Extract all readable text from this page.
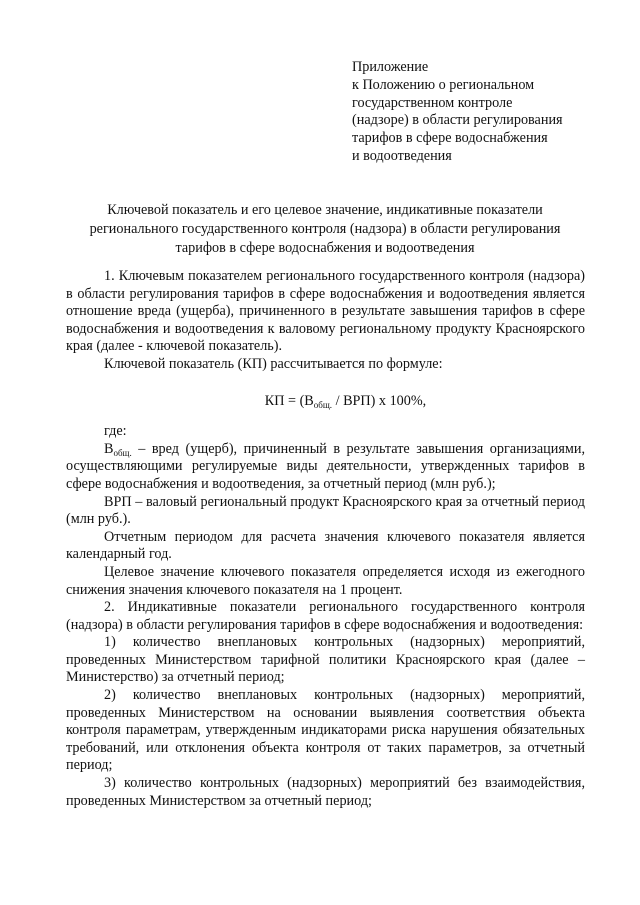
Приложение
к Положению о региональном
государственном контроле
(надзоре) в области регулирования
тарифов в сфере водоснабжения
и водоотведения
Ключевой показатель и его целевое значение, индикативные показатели
регионального государственного контроля (надзора) в области регулирования
тарифов в сфере водоснабжения и водоотведения

1. Ключевым показателем регионального государственного контроля (надзора) в области регулирования тарифов в сфере водоснабжения и водоотведения является отношение вреда (ущерба), причиненного в результате завышения тарифов в сфере водоснабжения и водоотведения к валовому региональному продукту Красноярского края (далее - ключевой показатель).

Ключевой показатель (КП) рассчитывается по формуле:

КП = $(В_{общ.} / ВРП)$ х 100%,

где:

$В_{общ.}$ – вред (ущерб), причиненный в результате завышения организациями, осуществляющими регулируемые виды деятельности, утвержденных тарифов в сфере водоснабжения и водоотведения, за отчетный период (млн руб.);

ВРП – валовый региональный продукт Красноярского края за отчетный период (млн руб.).

Отчетным периодом для расчета значения ключевого показателя является календарный год.

Целевое значение ключевого показателя определяется исходя из ежегодного снижения значения ключевого показателя на 1 процент.

2. Индикативные показатели регионального государственного контроля (надзора) в области регулирования тарифов в сфере водоснабжения и водоотведения:

1) количество внеплановых контрольных (надзорных) мероприятий, проведенных Министерством тарифной политики Красноярского края (далее – Министерство) за отчетный период;

2) количество внеплановых контрольных (надзорных) мероприятий, проведенных Министерством на основании выявления соответствия объекта контроля параметрам, утвержденным индикаторами риска нарушения обязательных требований, или отклонения объекта контроля от таких параметров, за отчетный период;

3) количество контрольных (надзорных) мероприятий без взаимодействия, проведенных Министерством за отчетный период;
